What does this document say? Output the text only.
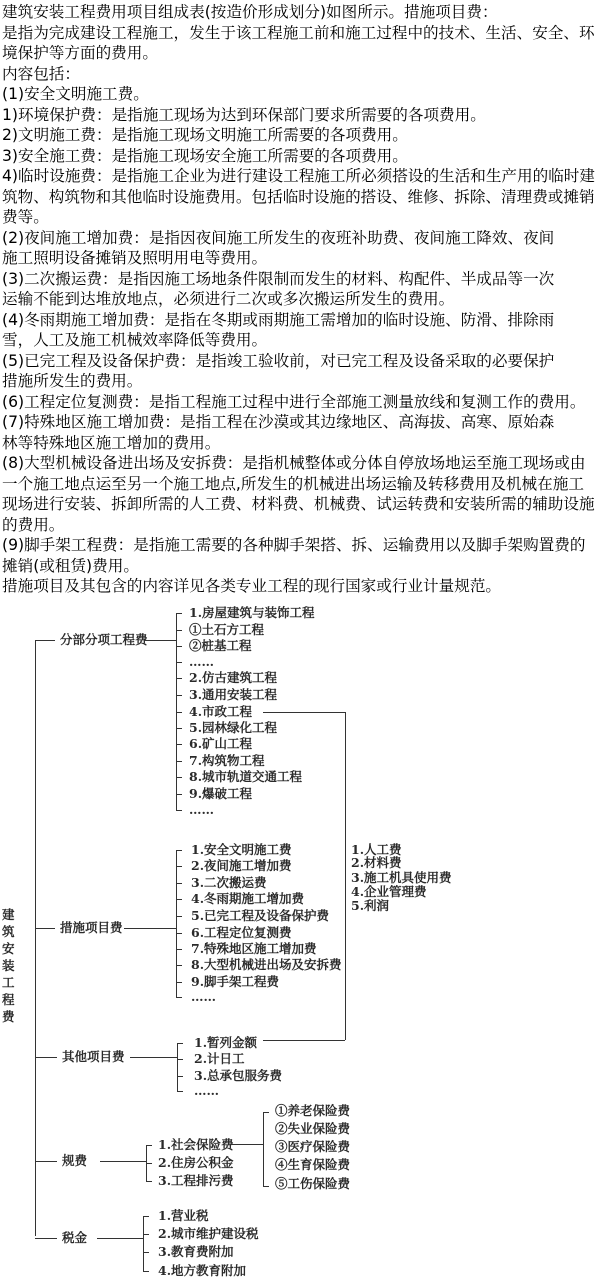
建筑安装工程费用项目组成表(按造价形成划分)如图所示。措施项目费：
是指为完成建设工程施工，发生于该工程施工前和施工过程中的技术、生活、安全、环
境保护等方面的费用。
内容包括：
(1)安全文明施工费。
1)环境保护费：是指施工现场为达到环保部门要求所需要的各项费用。
2)文明施工费：是指施工现场文明施工所需要的各项费用。
3)安全施工费：是指施工现场安全施工所需要的各项费用。
4)临时设施费：是指施工企业为进行建设工程施工所必须搭设的生活和生产用的临时建
筑物、构筑物和其他临时设施费用。包括临时设施的搭设、维修、拆除、清理费或摊销
费等。
(2)夜间施工增加费：是指因夜间施工所发生的夜班补助费、夜间施工降效、夜间
施工照明设备摊销及照明用电等费用。
(3)二次搬运费：是指因施工场地条件限制而发生的材料、构配件、半成品等一次
运输不能到达堆放地点，必须进行二次或多次搬运所发生的费用。
(4)冬雨期施工增加费：是指在冬期或雨期施工需增加的临时设施、防滑、排除雨
雪，人工及施工机械效率降低等费用。
(5)已完工程及设备保护费：是指竣工验收前，对已完工程及设备采取的必要保护
措施所发生的费用。
(6)工程定位复测费：是指工程施工过程中进行全部施工测量放线和复测工作的费用。
(7)特殊地区施工增加费：是指工程在沙漠或其边缘地区、高海拔、高寒、原始森
林等特殊地区施工增加的费用。
(8)大型机械设备进出场及安拆费：是指机械整体或分体自停放场地运至施工现场或由
一个施工地点运至另一个施工地点,所发生的机械进出场运输及转移费用及机械在施工
现场进行安装、拆卸所需的人工费、材料费、机械费、试运转费和安装所需的辅助设施
的费用。
(9)脚手架工程费：是指施工需要的各种脚手架搭、拆、运输费用以及脚手架购置费的
摊销(或租赁)费用。
措施项目及其包含的内容详见各类专业工程的现行国家或行业计量规范。
建
筑
安
装
工
程
费
分部分项工程费
1.房屋建筑与装饰工程
①土石方工程
②桩基工程
……
2.仿古建筑工程
3.通用安装工程
4.市政工程
5.园林绿化工程
6.矿山工程
7.构筑物工程
8.城市轨道交通工程
9.爆破工程
……
措施项目费
1.安全文明施工费
2.夜间施工增加费
3.二次搬运费
4.冬雨期施工增加费
5.已完工程及设备保护费
6.工程定位复测费
7.特殊地区施工增加费
8.大型机械进出场及安拆费
9.脚手架工程费
……
其他项目费
1.暂列金额
2.计日工
3.总承包服务费
……
规费
1.社会保险费
2.住房公积金
3.工程排污费
税金
1.营业税
2.城市维护建设税
3.教育费附加
4.地方教育附加
1.人工费
2.材料费
3.施工机具使用费
4.企业管理费
5.利润
①养老保险费
②失业保险费
③医疗保险费
④生育保险费
⑤工伤保险费
